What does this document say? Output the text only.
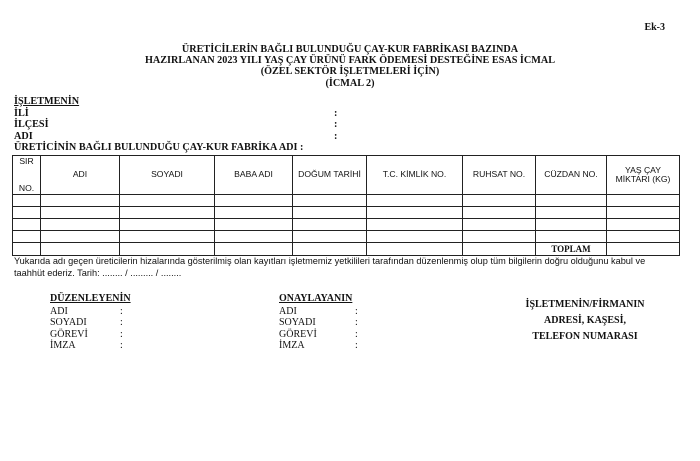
Ek-3
ÜRETİCİLERİN BAĞLI BULUNDUĞU ÇAY-KUR FABRİKASI BAZINDA
HAZIRLANAN 2023 YILI YAŞ ÇAY ÜRÜNÜ FARK ÖDEMESİ DESTEĞİNE ESAS İCMAL
(ÖZEL SEKTÖR İŞLETMELERİ İÇİN)
(İCMAL 2)
İŞLETMENİN
İLİ	:
İLÇESİ	:
ADI	:
ÜRETİCİNİN BAĞLI BULUNDUĞU ÇAY-KUR FABRİKA ADI :
SIR
NO.	ADI	SOYADI	BABA ADI	DOĞUM TARİHİ	T.C. KİMLİK NO.	RUHSAT NO.	CÜZDAN NO.	YAŞ ÇAY MİKTARI (KG)

							TOPLAM	
Yukarıda adı geçen üreticilerin hizalarında gösterilmiş olan kayıtları işletmemiz yetkilileri tarafından düzenlenmiş olup tüm bilgilerin doğru olduğunu kabul ve taahhüt ederiz. Tarih: ........ / ......... / ........
DÜZENLEYENİN
ADI	:
SOYADI	:
GÖREVİ	:
İMZA	:
ONAYLAYANIN
ADI	:
SOYADI	:
GÖREVİ	:
İMZA	:
İŞLETMENİN/FİRMANIN
ADRESİ, KAŞESİ,
TELEFON NUMARASI
